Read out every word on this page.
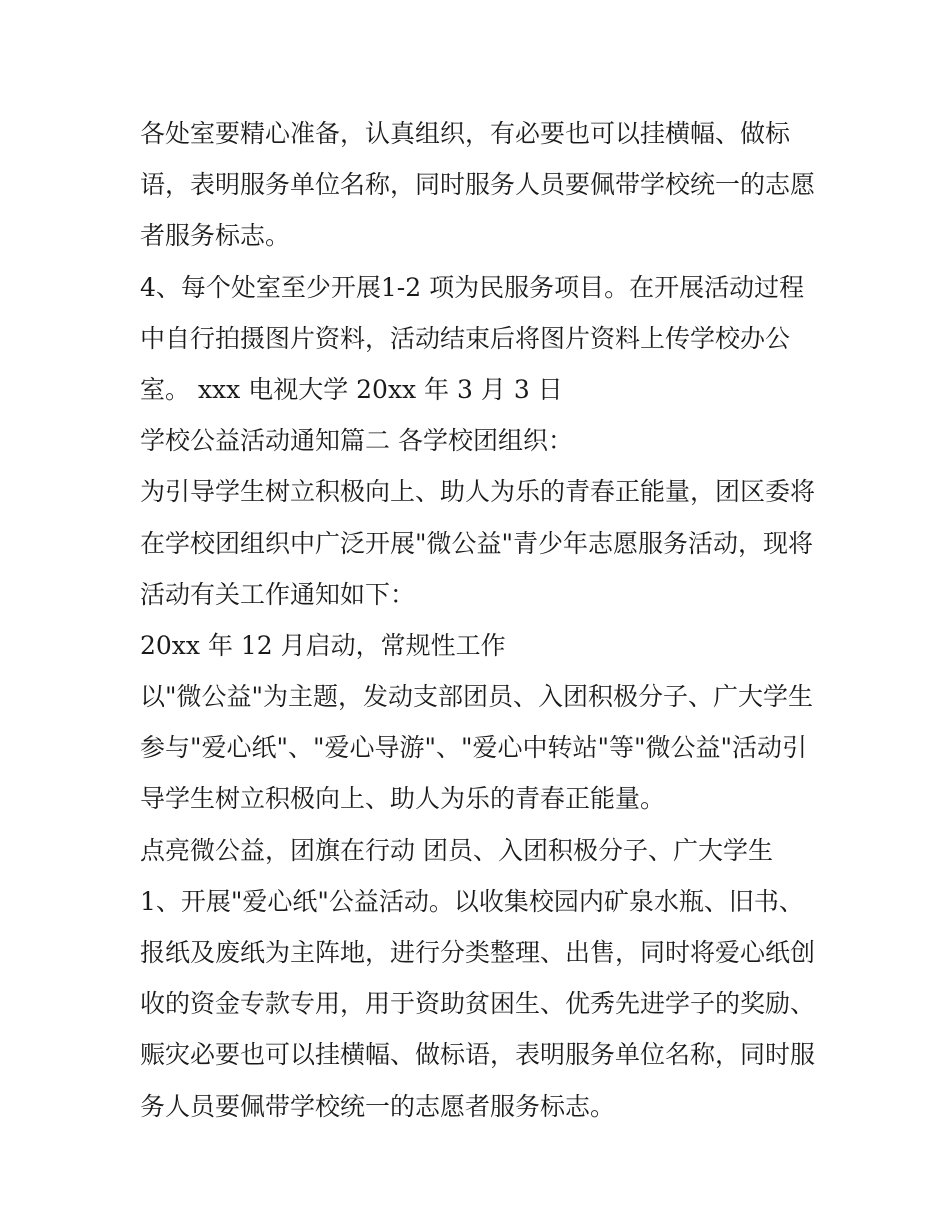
各处室要精心准备，认真组织，有必要也可以挂横幅、做标

语，表明服务单位名称，同时服务人员要佩带学校统一的志愿

者服务标志。

4、每个处室至少开展1-2 项为民服务项目。在开展活动过程

中自行拍摄图片资料，活动结束后将图片资料上传学校办公

室。 xxx 电视大学 20xx 年 3 月 3 日

学校公益活动通知篇二 各学校团组织：

为引导学生树立积极向上、助人为乐的青春正能量，团区委将

在学校团组织中广泛开展"微公益"青少年志愿服务活动，现将

活动有关工作通知如下：

20xx 年 12 月启动，常规性工作

以"微公益"为主题，发动支部团员、入团积极分子、广大学生

参与"爱心纸"、"爱心导游"、"爱心中转站"等"微公益"活动引

导学生树立积极向上、助人为乐的青春正能量。

点亮微公益，团旗在行动 团员、入团积极分子、广大学生

1、开展"爱心纸"公益活动。以收集校园内矿泉水瓶、旧书、

报纸及废纸为主阵地，进行分类整理、出售，同时将爱心纸创

收的资金专款专用，用于资助贫困生、优秀先进学子的奖励、

赈灾必要也可以挂横幅、做标语，表明服务单位名称，同时服

务人员要佩带学校统一的志愿者服务标志。
